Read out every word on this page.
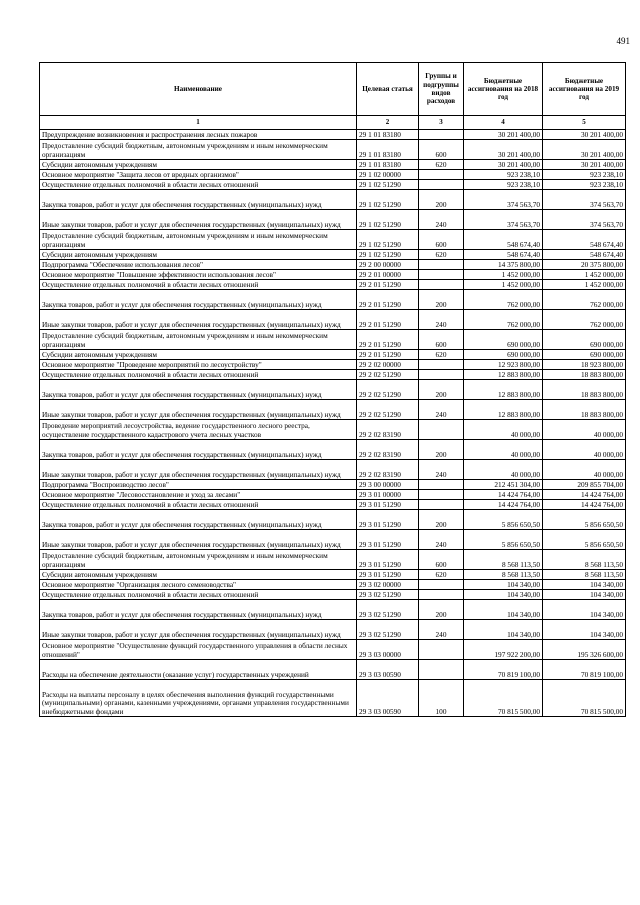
491
Наименование	Целевая статья	Группы и подгруппы видов расходов	Бюджетные ассигнования на 2018 год	Бюджетные ассигнования на 2019 год
1	2	3	4	5
Предупреждение возникновения и распространения лесных пожаров	29 1 01 83180		30 201 400,00	30 201 400,00
Предоставление субсидий бюджетным, автономным учреждениям и иным некоммерческим организациям	29 1 01 83180	600	30 201 400,00	30 201 400,00
Субсидии автономным учреждениям	29 1 01 83180	620	30 201 400,00	30 201 400,00
Основное мероприятие "Защита лесов от вредных организмов"	29 1 02 00000		923 238,10	923 238,10
Осуществление отдельных полномочий в области лесных отношений	29 1 02 51290		923 238,10	923 238,10
Закупка товаров, работ и услуг для обеспечения государственных (муниципальных) нужд	29 1 02 51290	200	374 563,70	374 563,70
Иные закупки товаров, работ и услуг для обеспечения государственных (муниципальных) нужд	29 1 02 51290	240	374 563,70	374 563,70
Предоставление субсидий бюджетным, автономным учреждениям и иным некоммерческим организациям	29 1 02 51290	600	548 674,40	548 674,40
Субсидии автономным учреждениям	29 1 02 51290	620	548 674,40	548 674,40
Подпрограмма "Обеспечение использования лесов"	29 2 00 00000		14 375 800,00	20 375 800,00
Основное мероприятие "Повышение эффективности использования лесов"	29 2 01 00000		1 452 000,00	1 452 000,00
Осуществление отдельных полномочий в области лесных отношений	29 2 01 51290		1 452 000,00	1 452 000,00
Закупка товаров, работ и услуг для обеспечения государственных (муниципальных) нужд	29 2 01 51290	200	762 000,00	762 000,00
Иные закупки товаров, работ и услуг для обеспечения государственных (муниципальных) нужд	29 2 01 51290	240	762 000,00	762 000,00
Предоставление субсидий бюджетным, автономным учреждениям и иным некоммерческим организациям	29 2 01 51290	600	690 000,00	690 000,00
Субсидии автономным учреждениям	29 2 01 51290	620	690 000,00	690 000,00
Основное мероприятие "Проведение мероприятий по лесоустройству"	29 2 02 00000		12 923 800,00	18 923 800,00
Осуществление отдельных полномочий в области лесных отношений	29 2 02 51290		12 883 800,00	18 883 800,00
Закупка товаров, работ и услуг для обеспечения государственных (муниципальных) нужд	29 2 02 51290	200	12 883 800,00	18 883 800,00
Иные закупки товаров, работ и услуг для обеспечения государственных (муниципальных) нужд	29 2 02 51290	240	12 883 800,00	18 883 800,00
Проведение мероприятий лесоустройства, ведение государственного лесного реестра, осуществление государственного кадастрового учета лесных участков	29 2 02 83190		40 000,00	40 000,00
Закупка товаров, работ и услуг для обеспечения государственных (муниципальных) нужд	29 2 02 83190	200	40 000,00	40 000,00
Иные закупки товаров, работ и услуг для обеспечения государственных (муниципальных) нужд	29 2 02 83190	240	40 000,00	40 000,00
Подпрограмма "Воспроизводство лесов"	29 3 00 00000		212 451 304,00	209 855 704,00
Основное мероприятие "Лесовосстановление и уход за лесами"	29 3 01 00000		14 424 764,00	14 424 764,00
Осуществление отдельных полномочий в области лесных отношений	29 3 01 51290		14 424 764,00	14 424 764,00
Закупка товаров, работ и услуг для обеспечения государственных (муниципальных) нужд	29 3 01 51290	200	5 856 650,50	5 856 650,50
Иные закупки товаров, работ и услуг для обеспечения государственных (муниципальных) нужд	29 3 01 51290	240	5 856 650,50	5 856 650,50
Предоставление субсидий бюджетным, автономным учреждениям и иным некоммерческим организациям	29 3 01 51290	600	8 568 113,50	8 568 113,50
Субсидии автономным учреждениям	29 3 01 51290	620	8 568 113,50	8 568 113,50
Основное мероприятие "Организация лесного семеноводства"	29 3 02 00000		104 340,00	104 340,00
Осуществление отдельных полномочий в области лесных отношений	29 3 02 51290		104 340,00	104 340,00
Закупка товаров, работ и услуг для обеспечения государственных (муниципальных) нужд	29 3 02 51290	200	104 340,00	104 340,00
Иные закупки товаров, работ и услуг для обеспечения государственных (муниципальных) нужд	29 3 02 51290	240	104 340,00	104 340,00
Основное мероприятие "Осуществление функций государственного управления в области лесных отношений"	29 3 03 00000		197 922 200,00	195 326 600,00
Расходы на обеспечение деятельности (оказание услуг) государственных учреждений	29 3 03 00590		70 819 100,00	70 819 100,00
Расходы на выплаты персоналу в целях обеспечения выполнения функций государственными (муниципальными) органами, казенными учреждениями, органами управления государственными внебюджетными фондами	29 3 03 00590	100	70 815 500,00	70 815 500,00
